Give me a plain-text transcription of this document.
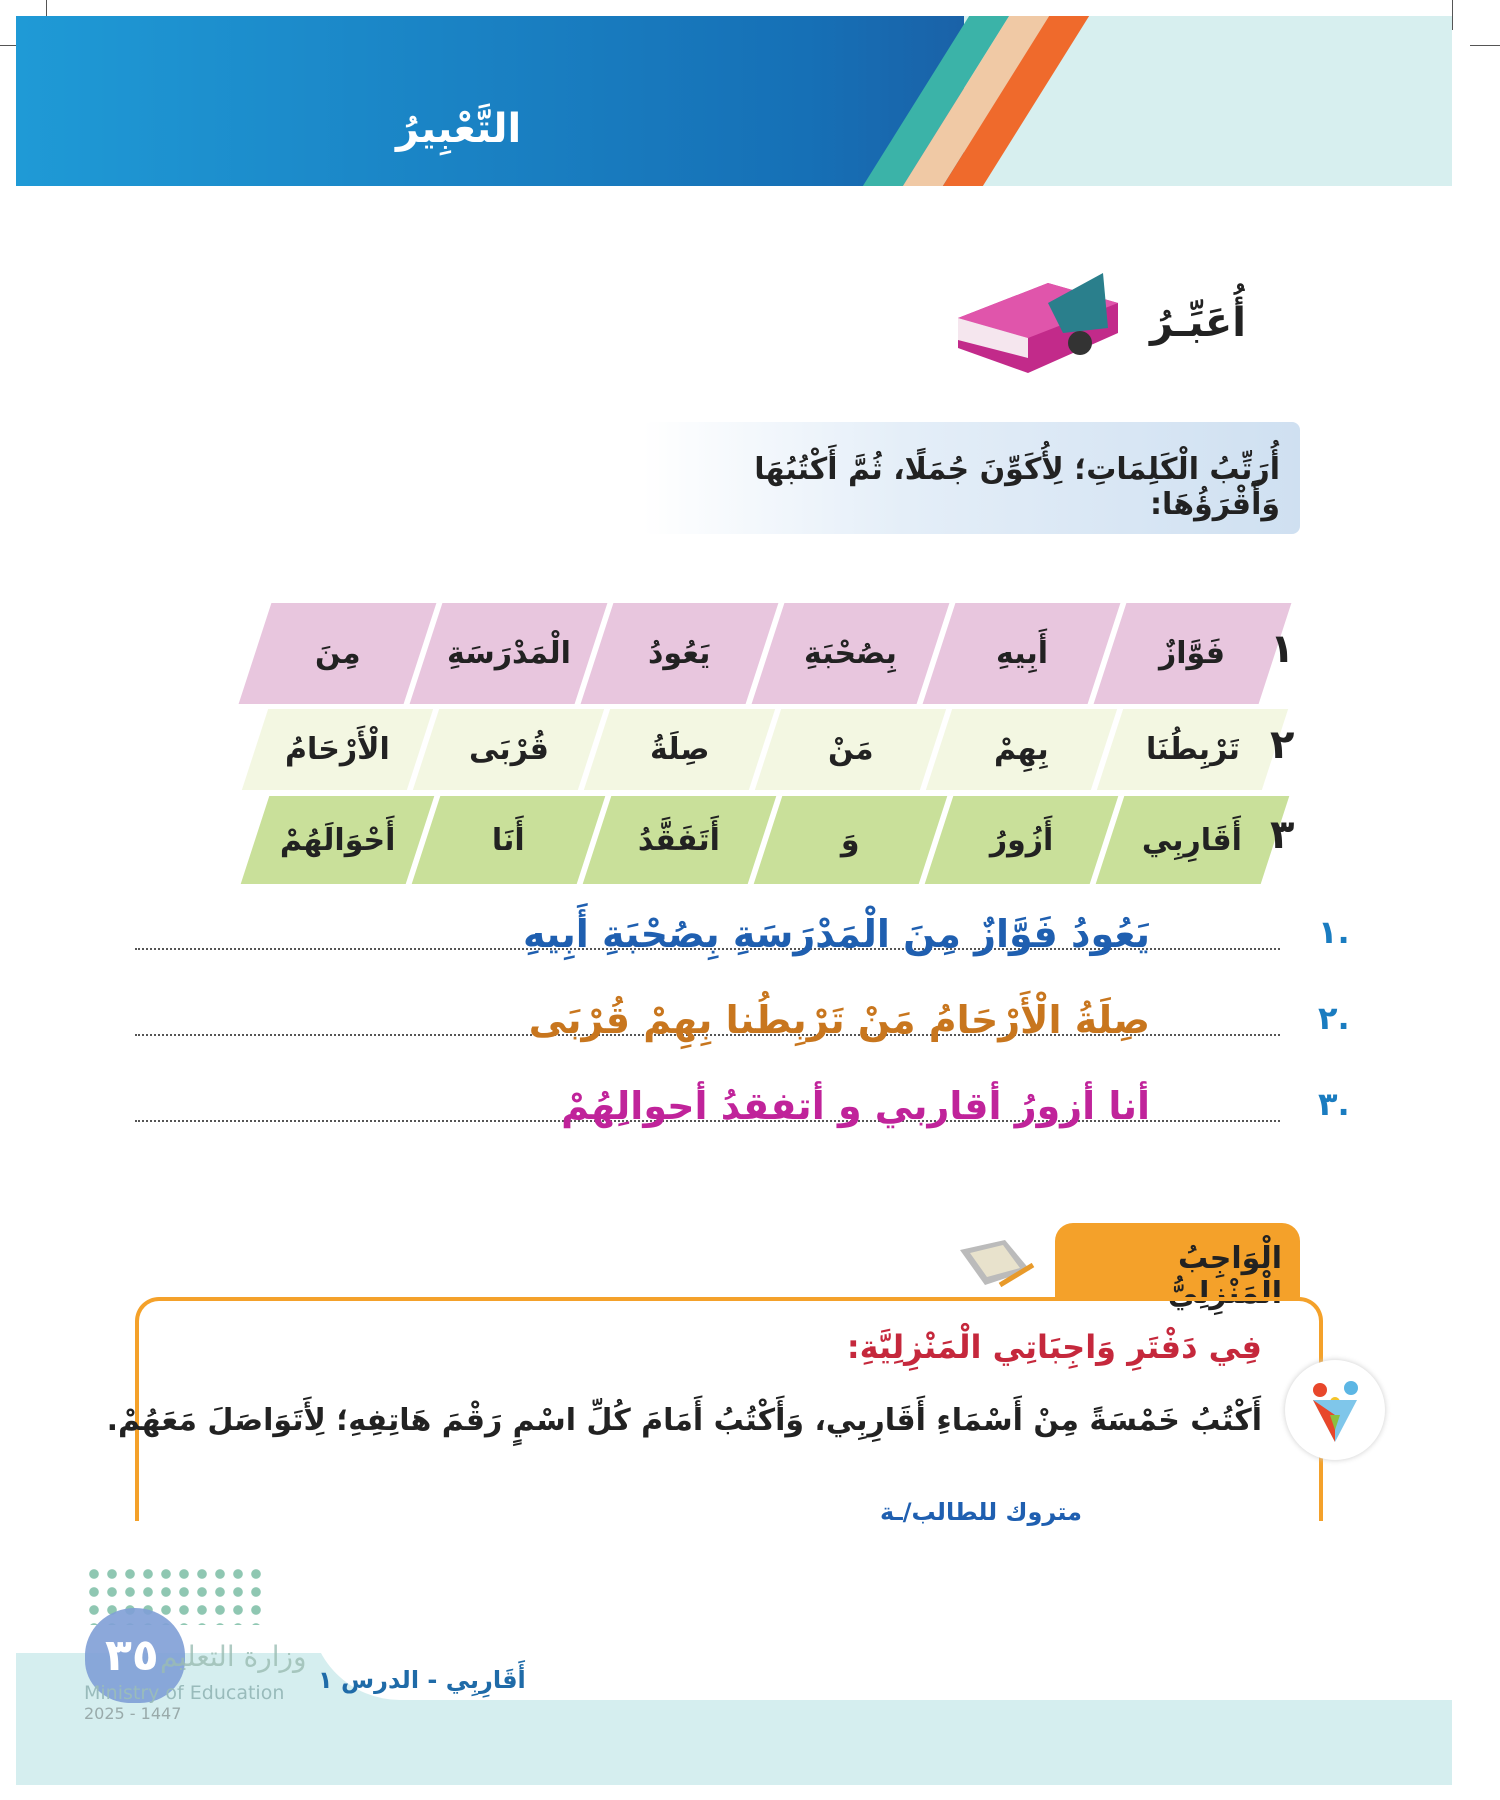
التَّعْبِيرُ
أُعَبِّـرُ
أُرَتِّبُ الْكَلِمَاتِ؛ لِأُكَوِّنَ جُمَلًا، ثُمَّ أَكْتُبُهَا وَأَقْرَؤُهَا:
فَوَّازٌ
أَبِيهِ
بِصُحْبَةِ
يَعُودُ
الْمَدْرَسَةِ
مِنَ	١
تَرْبِطُنَا
بِهِمْ
مَنْ
صِلَةُ
قُرْبَى
الْأَرْحَامُ	٢
أَقَارِبِي
أَزُورُ
وَ
أَتَفَقَّدُ
أَنَا
أَحْوَالَهُمْ	٣
يَعُودُ فَوَّازٌ مِنَ الْمَدْرَسَةِ بِصُحْبَةِ أَبِيهِ	١.
صِلَةُ الْأَرْحَامُ مَنْ تَرْبِطُنا بِهِمْ قُرْبَى	٢.
أنا أزورُ أقاربي و أتفقدُ أحوالِهُمْ	٣.
الْوَاجِبُ الْمَنْزِلِيُّ
فِي دَفْتَرِ وَاجِبَاتِي الْمَنْزِلِيَّةِ:
أَكْتُبُ خَمْسَةً مِنْ أَسْمَاءِ أَقَارِبِي، وَأَكْتُبُ أَمَامَ كُلِّ اسْمٍ رَقْمَ هَاتِفِهِ؛ لِأَتَوَاصَلَ مَعَهُمْ.
متروك للطالب/ـة
٣٥ وزارة التعليم
Ministry of Education
2025 - 1447
أَقَارِبِي - الدرس ١
